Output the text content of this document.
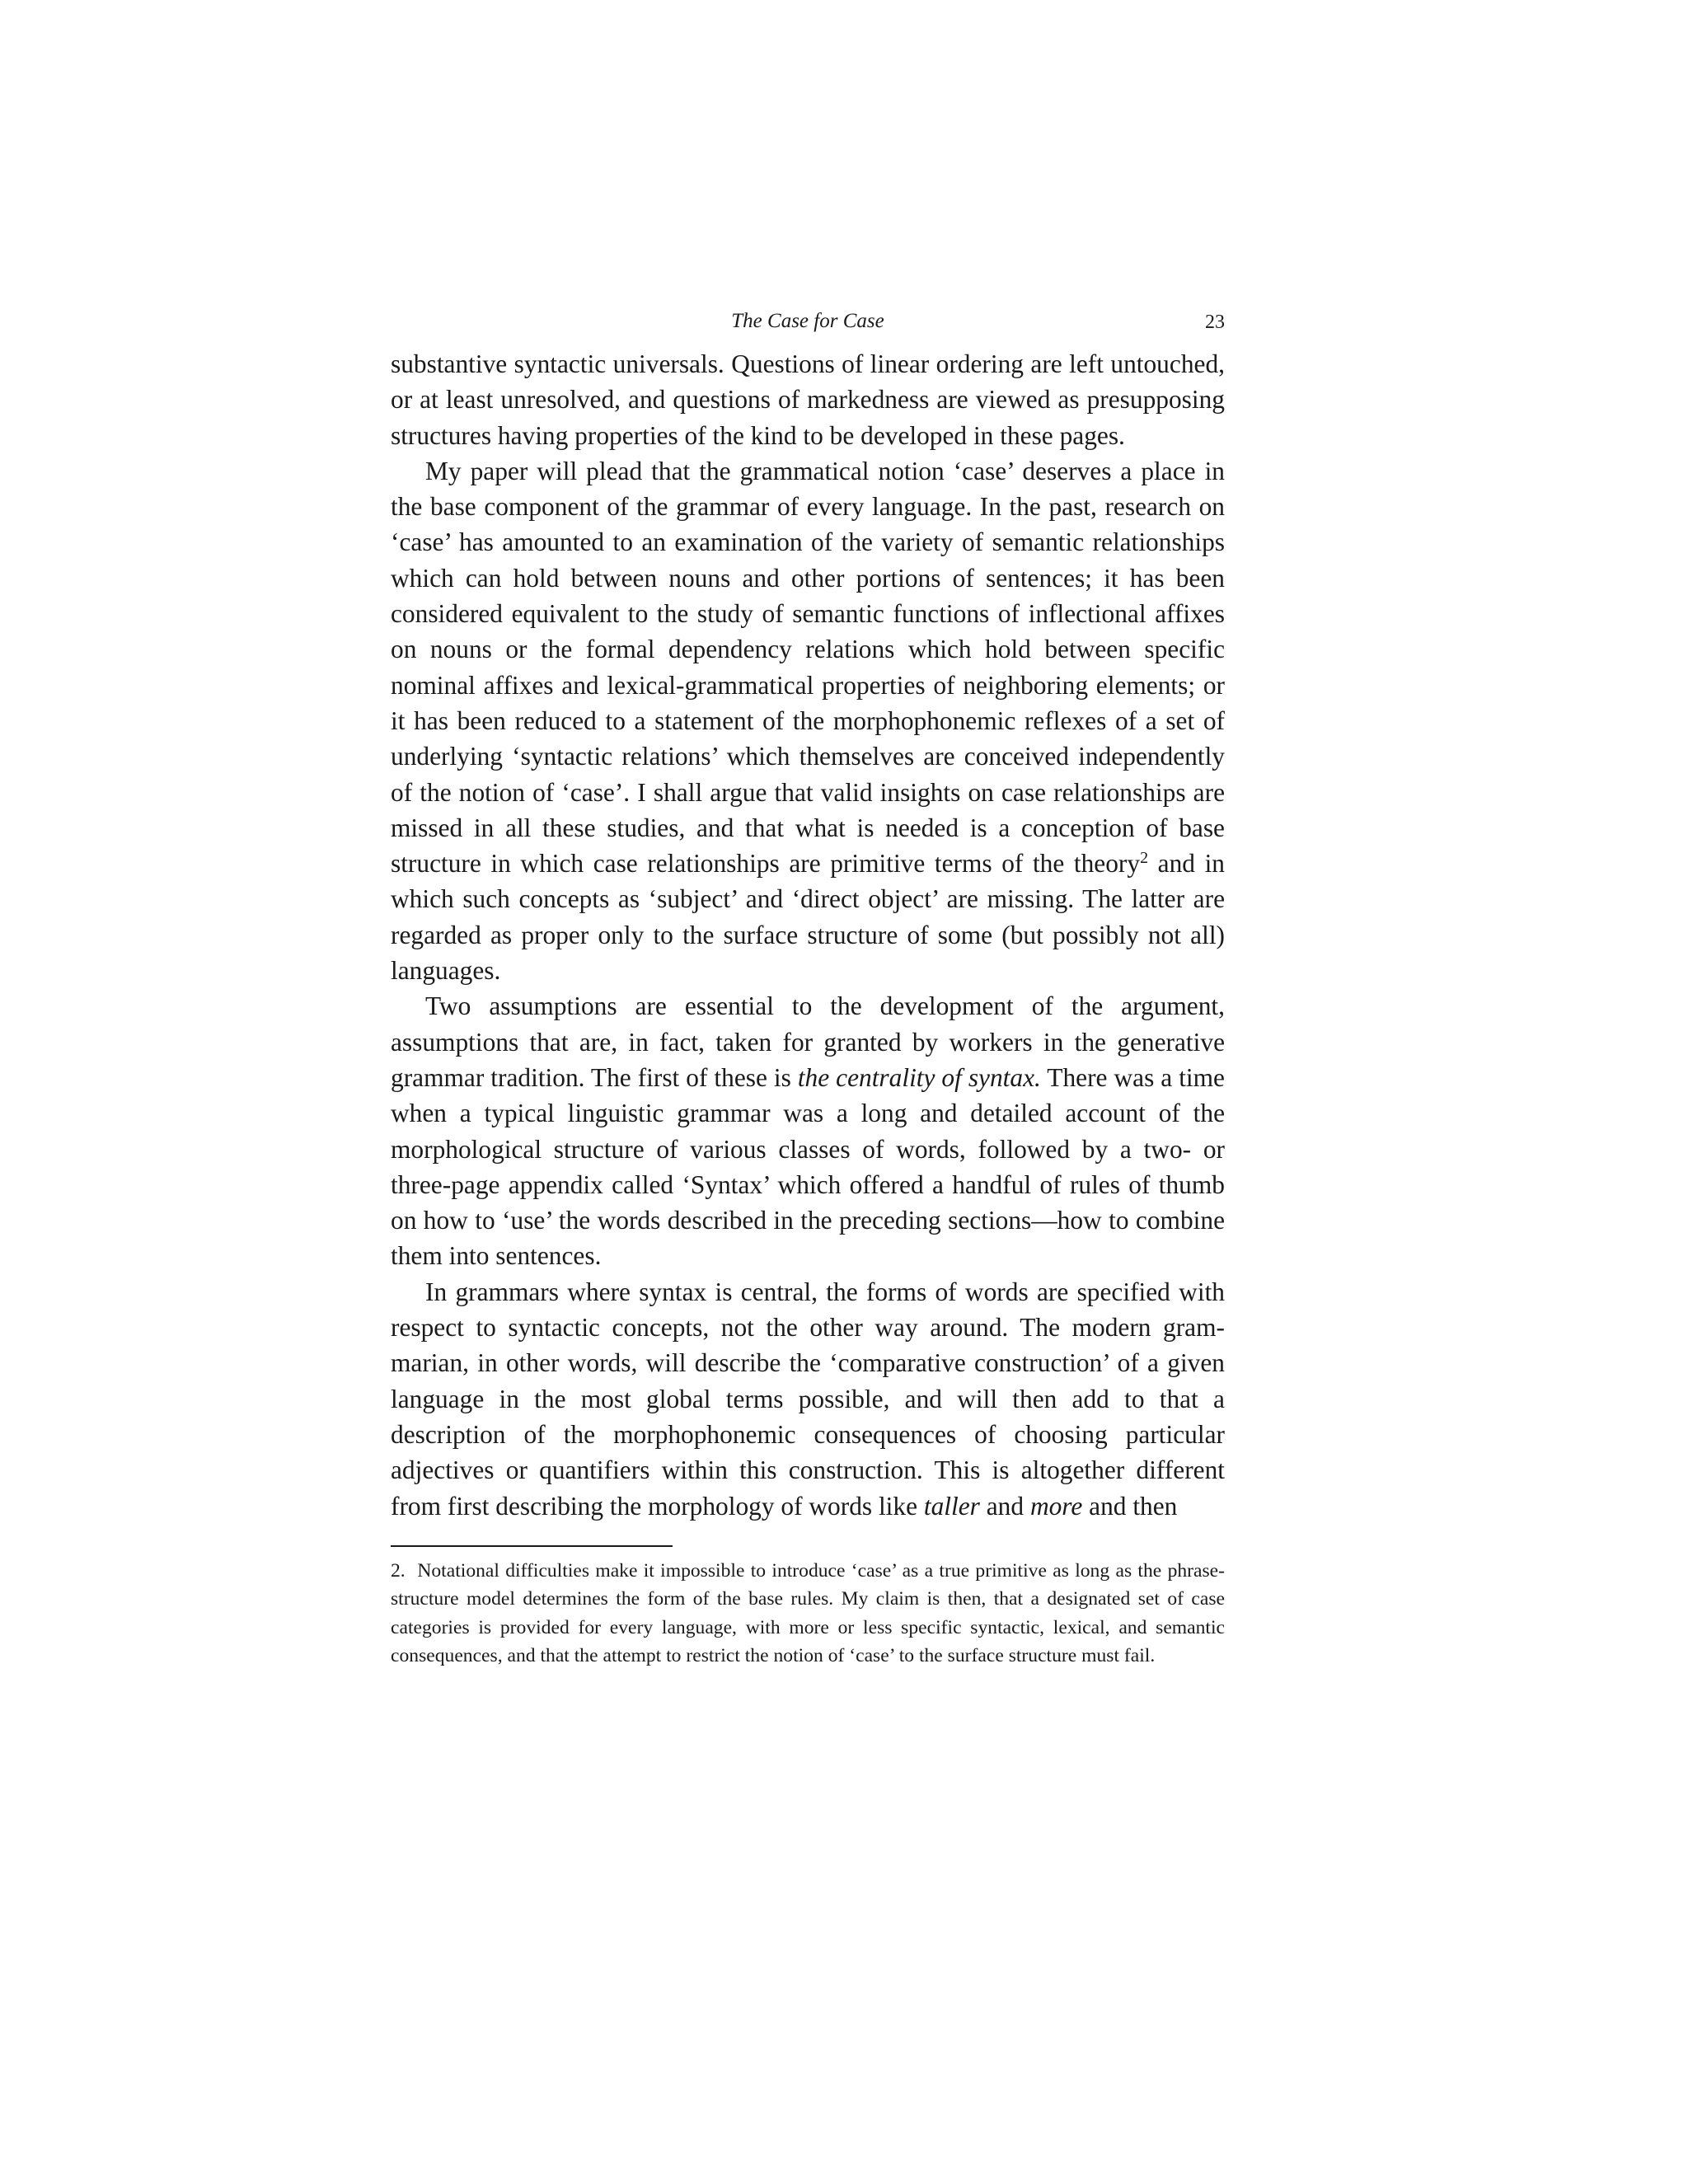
The Case for Case	23

substantive syntactic universals. Questions of linear ordering are left untouched, or at least unresolved, and questions of markedness are viewed as presupposing structures having properties of the kind to be developed in these pages.

My paper will plead that the grammatical notion ‘case’ deserves a place in the base component of the grammar of every language. In the past, research on ‘case’ has amounted to an examination of the variety of semantic relationships which can hold between nouns and other portions of sentences; it has been considered equivalent to the study of semantic functions of inflectional affixes on nouns or the formal dependency relations which hold between specific nominal affixes and lexical-grammatical properties of neighboring elements; or it has been reduced to a statement of the morphophonemic reflexes of a set of underlying ‘syntactic relations’ which themselves are conceived independently of the notion of ‘case’. I shall argue that valid insights on case relationships are missed in all these studies, and that what is needed is a conception of base structure in which case relationships are primitive terms of the theory$^2$ and in which such concepts as ‘subject’ and ‘direct object’ are missing. The latter are regarded as proper only to the surface structure of some (but possibly not all) languages.

Two assumptions are essential to the development of the argument, assumptions that are, in fact, taken for granted by workers in the generative grammar tradition. The first of these is the centrality of syntax. There was a time when a typical linguistic grammar was a long and detailed account of the morphological structure of various classes of words, followed by a two- or three-page appendix called ‘Syntax’ which offered a handful of rules of thumb on how to ‘use’ the words described in the preceding sections—how to combine them into sentences.

In grammars where syntax is central, the forms of words are specified with respect to syntactic concepts, not the other way around. The modern grammarian, in other words, will describe the ‘comparative construction’ of a given language in the most global terms possible, and will then add to that a description of the morphophonemic consequences of choosing particular adjectives or quantifiers within this construction. This is altogether different from first describing the morphology of words like taller and more and then

2. Notational difficulties make it impossible to introduce ‘case’ as a true primitive as long as the phrase-structure model determines the form of the base rules. My claim is then, that a designated set of case categories is provided for every language, with more or less specific syntactic, lexical, and semantic consequences, and that the attempt to restrict the notion of ‘case’ to the surface structure must fail.
